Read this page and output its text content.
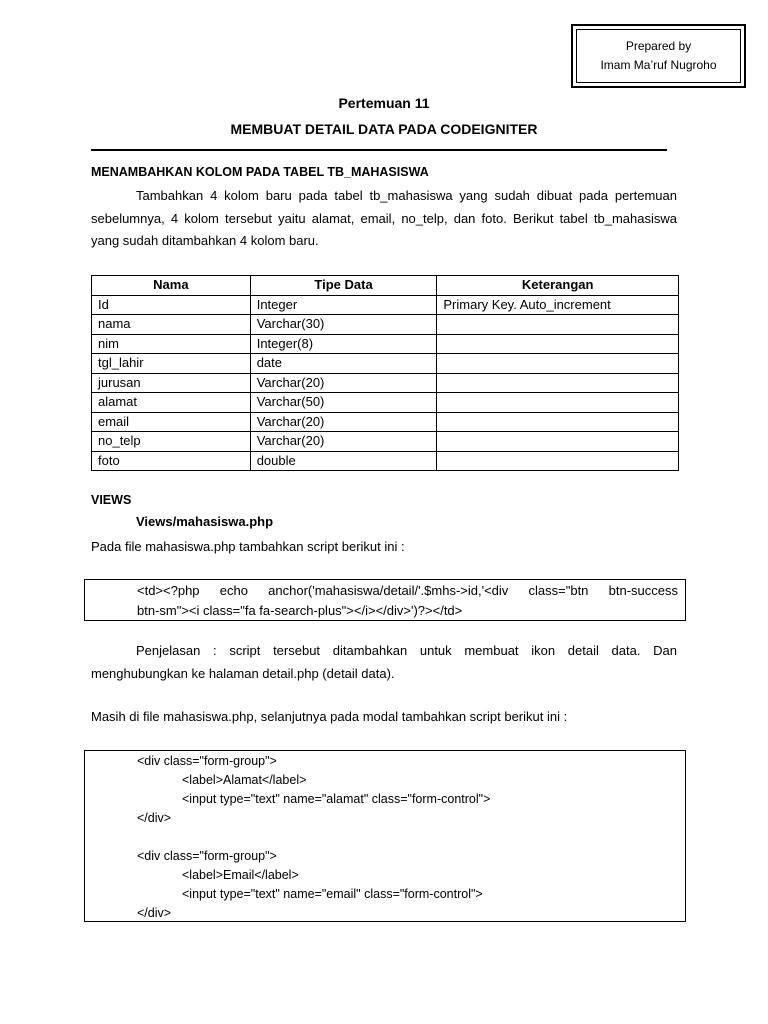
Prepared by
Imam Ma’ruf Nugroho
Pertemuan 11
MEMBUAT DETAIL DATA PADA CODEIGNITER
MENAMBAHKAN KOLOM PADA TABEL TB_MAHASISWA
Tambahkan 4 kolom baru pada tabel tb_mahasiswa yang sudah dibuat pada pertemuan sebelumnya, 4 kolom tersebut yaitu alamat, email, no_telp, dan foto. Berikut tabel tb_mahasiswa yang sudah ditambahkan 4 kolom baru.
Nama	Tipe Data	Keterangan
Id	Integer	Primary Key. Auto_increment
nama	Varchar(30)	
nim	Integer(8)	
tgl_lahir	date	
jurusan	Varchar(20)	
alamat	Varchar(50)	
email	Varchar(20)	
no_telp	Varchar(20)	
foto	double	
VIEWS
Views/mahasiswa.php
Pada file mahasiswa.php tambahkan script berikut ini :
<td><?php echo anchor('mahasiswa/detail/'.$mhs->id,'<div class="btn btn-success
btn-sm"><i class="fa fa-search-plus"></i></div>')?></td>
Penjelasan : script tersebut ditambahkan untuk membuat ikon detail data. Dan menghubungkan ke halaman detail.php (detail data).
Masih di file mahasiswa.php, selanjutnya pada modal tambahkan script berikut ini :
<div class="form-group">
<label>Alamat</label>
<input type="text" name="alamat" class="form-control">
</div>
<div class="form-group">
<label>Email</label>
<input type="text" name="email" class="form-control">
</div>
